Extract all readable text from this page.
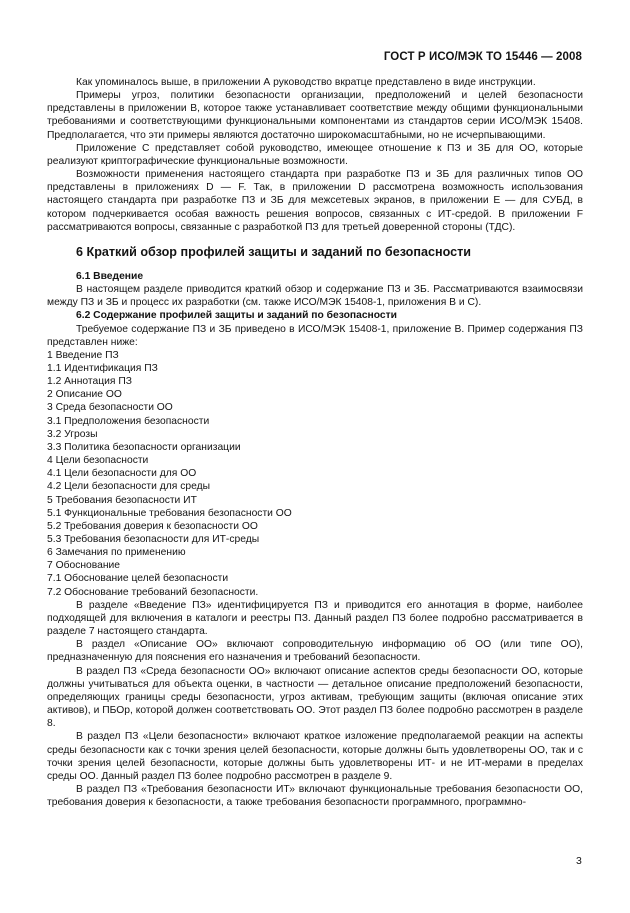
ГОСТ Р ИСО/МЭК ТО 15446 — 2008

Как упоминалось выше, в приложении А руководство вкратце представлено в виде инструкции.

Примеры угроз, политики безопасности организации, предположений и целей безопасности представлены в приложении В, которое также устанавливает соответствие между общими функциональными требованиями и соответствующими функциональными компонентами из стандартов серии ИСО/МЭК 15408. Предполагается, что эти примеры являются достаточно широкомасштабными, но не исчерпывающими.

Приложение С представляет собой руководство, имеющее отношение к ПЗ и ЗБ для ОО, которые реализуют криптографические функциональные возможности.

Возможности применения настоящего стандарта при разработке ПЗ и ЗБ для различных типов ОО представлены в приложениях D — F. Так, в приложении D рассмотрена возможность использования настоящего стандарта при разработке ПЗ и ЗБ для межсетевых экранов, в приложении Е — для СУБД, в котором подчеркивается особая важность решения вопросов, связанных с ИТ-средой. В приложении F рассматриваются вопросы, связанные с разработкой ПЗ для третьей доверенной стороны (ТДС).

6 Краткий обзор профилей защиты и заданий по безопасности

6.1 Введение

В настоящем разделе приводится краткий обзор и содержание ПЗ и ЗБ. Рассматриваются взаимосвязи между ПЗ и ЗБ и процесс их разработки (см. также ИСО/МЭК 15408-1, приложения В и С).

6.2 Содержание профилей защиты и заданий по безопасности

Требуемое содержание ПЗ и ЗБ приведено в ИСО/МЭК 15408-1, приложение В. Пример содержания ПЗ представлен ниже:

1 Введение ПЗ
1.1 Идентификация ПЗ
1.2 Аннотация ПЗ
2 Описание ОО
3 Среда безопасности ОО
3.1 Предположения безопасности
3.2 Угрозы
3.3 Политика безопасности организации
4 Цели безопасности
4.1 Цели безопасности для ОО
4.2 Цели безопасности для среды
5 Требования безопасности ИТ
5.1 Функциональные требования безопасности ОО
5.2 Требования доверия к безопасности ОО
5.3 Требования безопасности для ИТ-среды
6 Замечания по применению
7 Обоснование
7.1 Обоснование целей безопасности
7.2 Обоснование требований безопасности.

В разделе «Введение ПЗ» идентифицируется ПЗ и приводится его аннотация в форме, наиболее подходящей для включения в каталоги и реестры ПЗ. Данный раздел ПЗ более подробно рассматривается в разделе 7 настоящего стандарта.

В раздел «Описание ОО» включают сопроводительную информацию об ОО (или типе ОО), предназначенную для пояснения его назначения и требований безопасности.

В раздел ПЗ «Среда безопасности ОО» включают описание аспектов среды безопасности ОО, которые должны учитываться для объекта оценки, в частности — детальное описание предположений безопасности, определяющих границы среды безопасности, угроз активам, требующим защиты (включая описание этих активов), и ПБОр, которой должен соответствовать ОО. Этот раздел ПЗ более подробно рассмотрен в разделе 8.

В раздел ПЗ «Цели безопасности» включают краткое изложение предполагаемой реакции на аспекты среды безопасности как с точки зрения целей безопасности, которые должны быть удовлетворены ОО, так и с точки зрения целей безопасности, которые должны быть удовлетворены ИТ- и не ИТ-мерами в пределах среды ОО. Данный раздел ПЗ более подробно рассмотрен в разделе 9.

В раздел ПЗ «Требования безопасности ИТ» включают функциональные требования безопасности ОО, требования доверия к безопасности, а также требования безопасности программного, программно-

3
